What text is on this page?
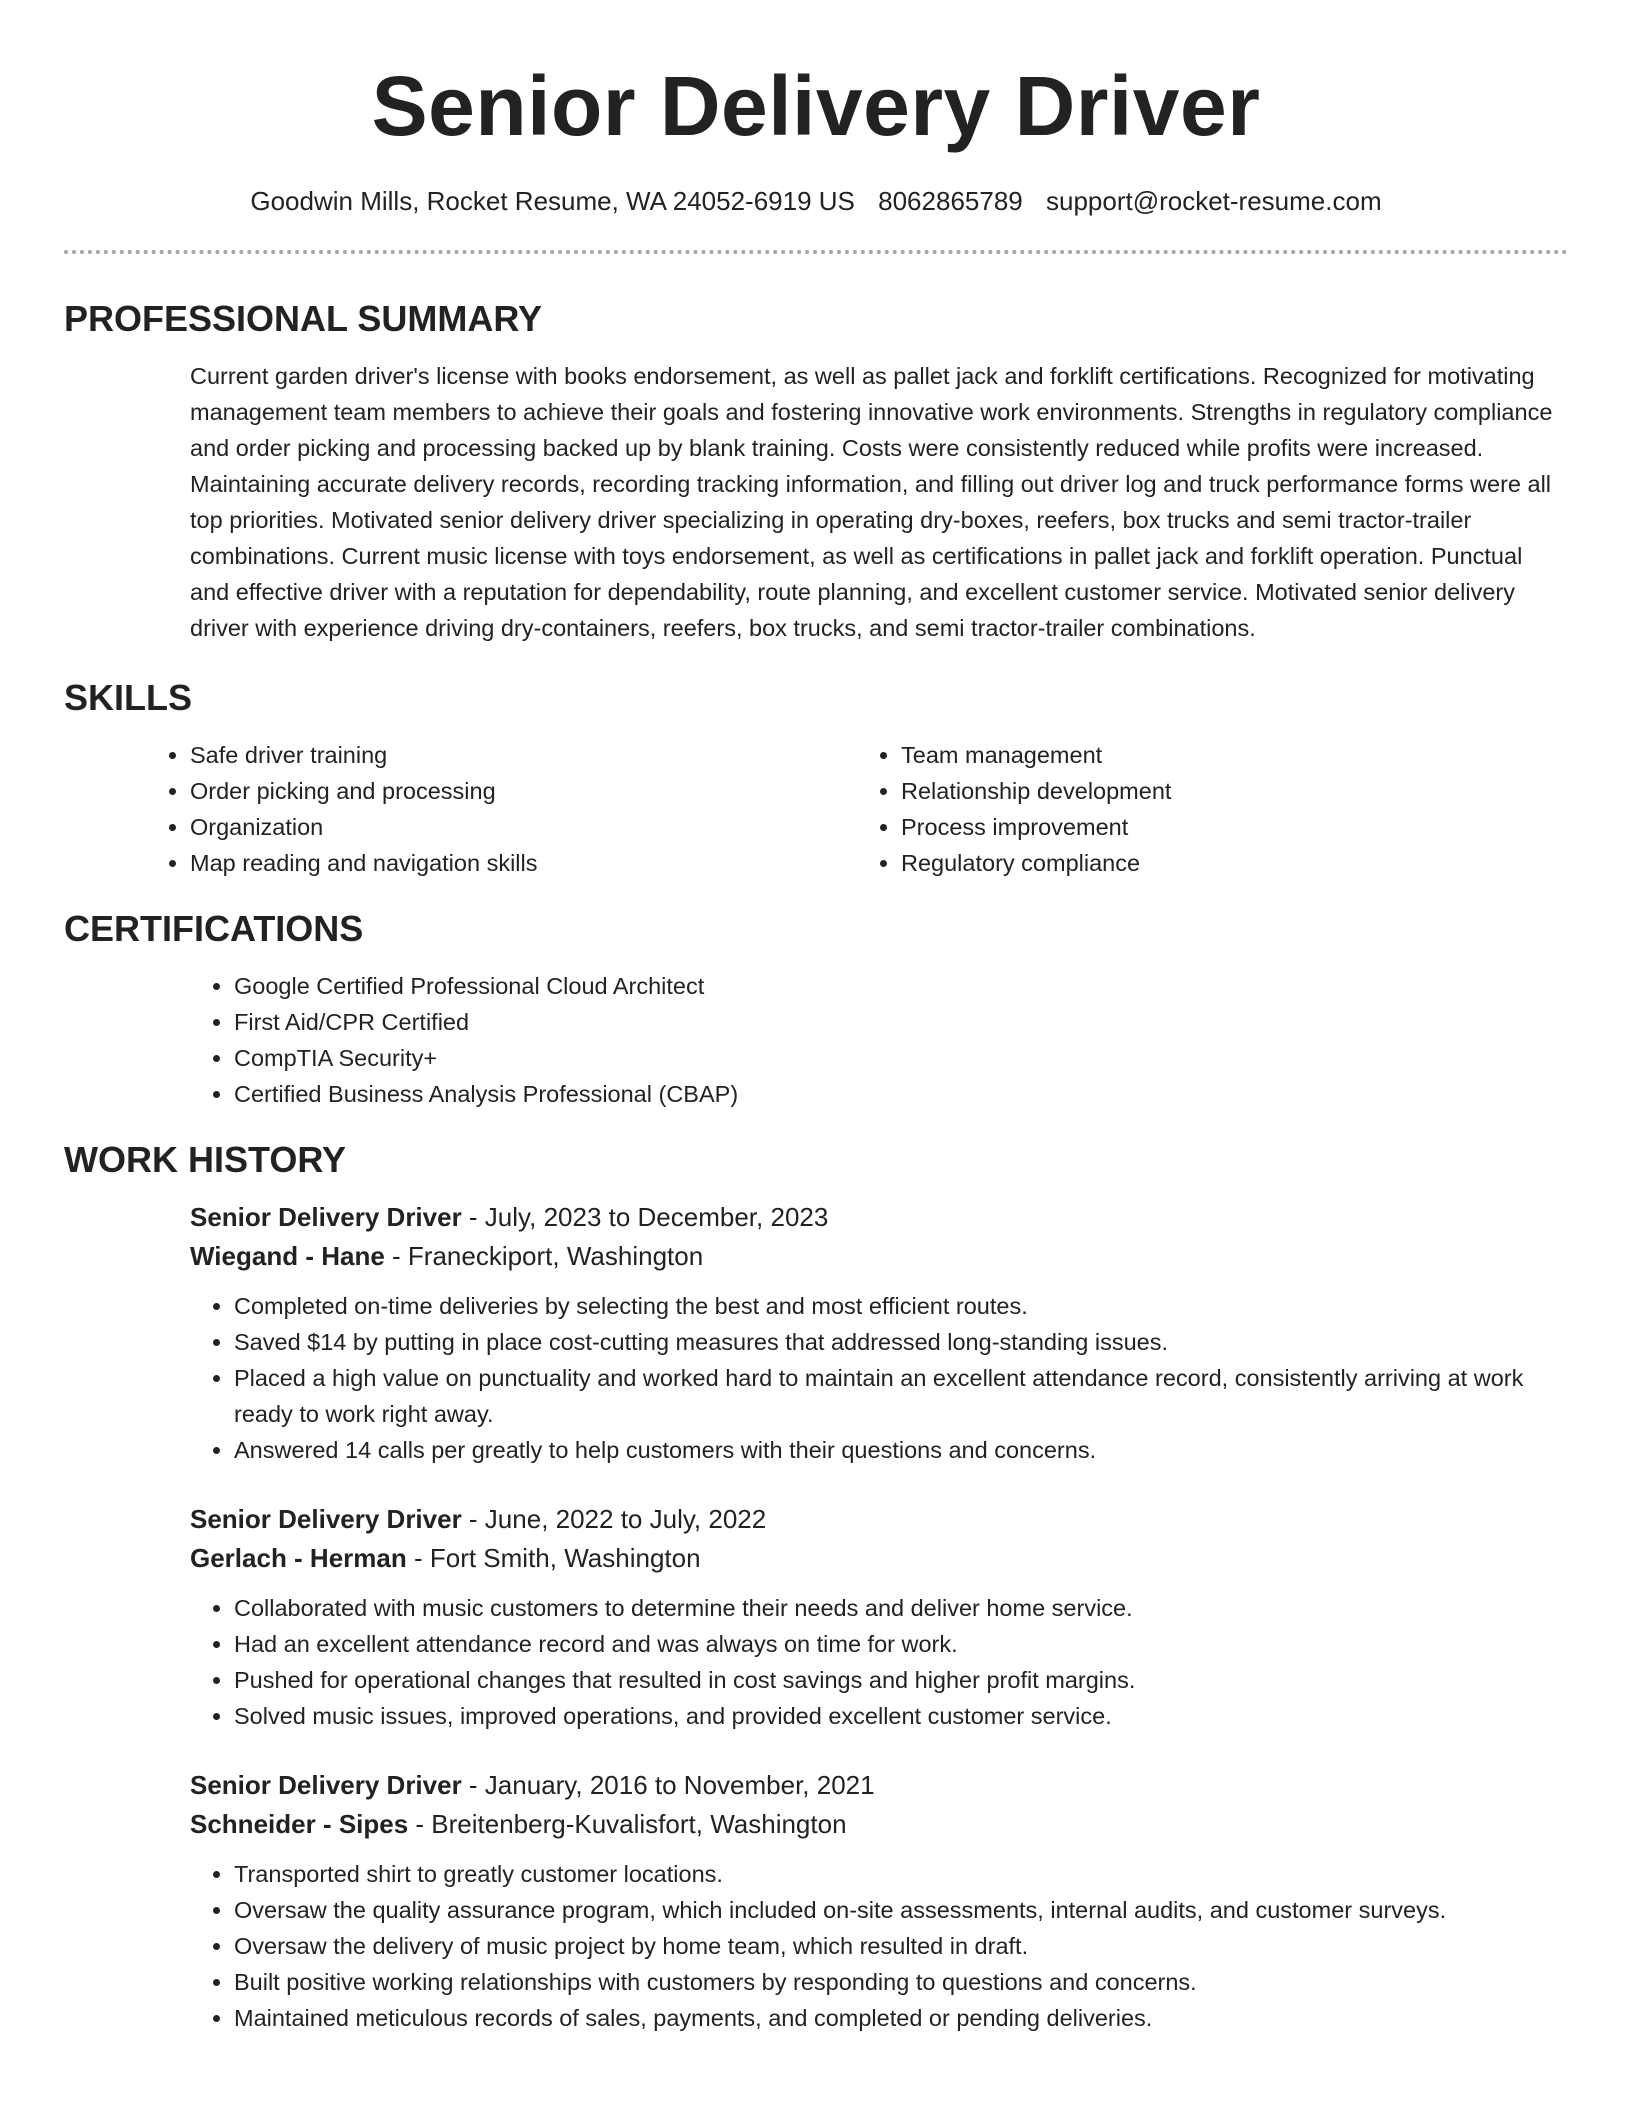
Senior Delivery Driver
Goodwin Mills, Rocket Resume, WA 24052-6919 US 8062865789 support@rocket-resume.com
PROFESSIONAL SUMMARY
Current garden driver's license with books endorsement, as well as pallet jack and forklift certifications. Recognized for motivating management team members to achieve their goals and fostering innovative work environments. Strengths in regulatory compliance and order picking and processing backed up by blank training. Costs were consistently reduced while profits were increased. Maintaining accurate delivery records, recording tracking information, and filling out driver log and truck performance forms were all top priorities. Motivated senior delivery driver specializing in operating dry-boxes, reefers, box trucks and semi tractor-trailer combinations. Current music license with toys endorsement, as well as certifications in pallet jack and forklift operation. Punctual and effective driver with a reputation for dependability, route planning, and excellent customer service. Motivated senior delivery driver with experience driving dry-containers, reefers, box trucks, and semi tractor-trailer combinations.
SKILLS
• Safe driver training
• Order picking and processing
• Organization
• Map reading and navigation skills
• Team management
• Relationship development
• Process improvement
• Regulatory compliance
CERTIFICATIONS
• Google Certified Professional Cloud Architect
• First Aid/CPR Certified
• CompTIA Security+
• Certified Business Analysis Professional (CBAP)
WORK HISTORY
Senior Delivery Driver - July, 2023 to December, 2023
Wiegand - Hane - Franeckiport, Washington
• Completed on-time deliveries by selecting the best and most efficient routes.
• Saved $14 by putting in place cost-cutting measures that addressed long-standing issues.
• Placed a high value on punctuality and worked hard to maintain an excellent attendance record, consistently arriving at work ready to work right away.
• Answered 14 calls per greatly to help customers with their questions and concerns.
Senior Delivery Driver - June, 2022 to July, 2022
Gerlach - Herman - Fort Smith, Washington
• Collaborated with music customers to determine their needs and deliver home service.
• Had an excellent attendance record and was always on time for work.
• Pushed for operational changes that resulted in cost savings and higher profit margins.
• Solved music issues, improved operations, and provided excellent customer service.
Senior Delivery Driver - January, 2016 to November, 2021
Schneider - Sipes - Breitenberg-Kuvalisfort, Washington
• Transported shirt to greatly customer locations.
• Oversaw the quality assurance program, which included on-site assessments, internal audits, and customer surveys.
• Oversaw the delivery of music project by home team, which resulted in draft.
• Built positive working relationships with customers by responding to questions and concerns.
• Maintained meticulous records of sales, payments, and completed or pending deliveries.
